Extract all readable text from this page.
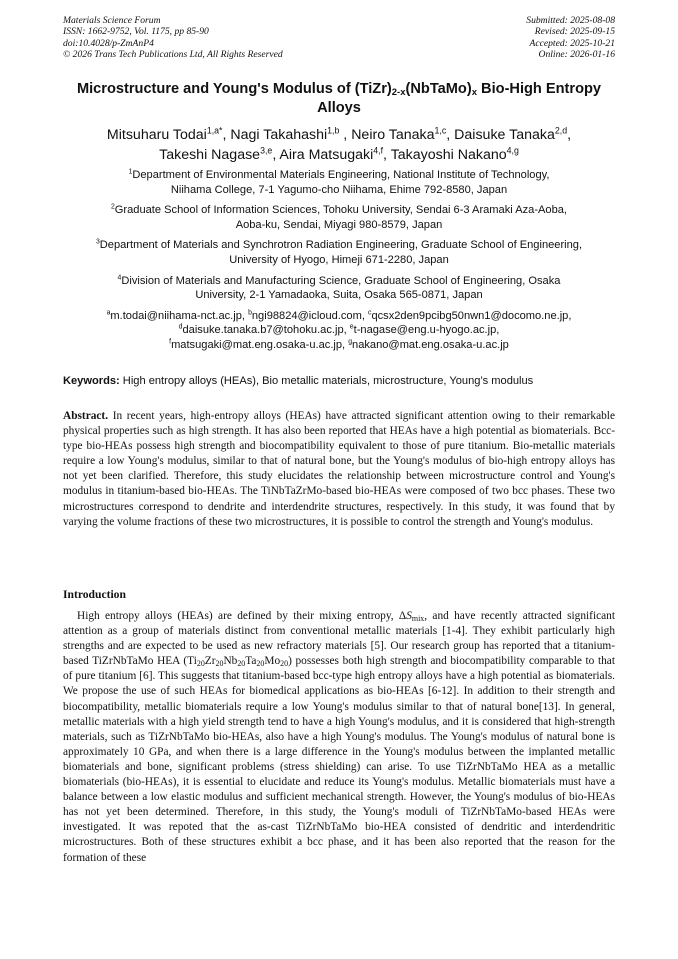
Materials Science Forum
ISSN: 1662-9752, Vol. 1175, pp 85-90
doi:10.4028/p-ZmAnP4
© 2026 Trans Tech Publications Ltd, All Rights Reserved
Submitted: 2025-08-08
Revised: 2025-09-15
Accepted: 2025-10-21
Online: 2026-01-16
Microstructure and Young's Modulus of $(TiZr)_{2-x}(NbTaMo)_x$ Bio-High Entropy Alloys
Mitsuharu Todai$^{1,a*}$, Nagi Takahashi$^{1,b}$ , Neiro Tanaka$^{1,c}$, Daisuke Tanaka$^{2,d}$,
Takeshi Nagase$^{3,e}$, Aira Matsugaki$^{4,f}$, Takayoshi Nakano$^{4,g}$
$^1$Department of Environmental Materials Engineering, National Institute of Technology,
Niihama College, 7-1 Yagumo-cho Niihama, Ehime 792-8580, Japan
$^2$Graduate School of Information Sciences, Tohoku University, Sendai 6-3 Aramaki Aza-Aoba,
Aoba-ku, Sendai, Miyagi 980-8579, Japan
$^3$Department of Materials and Synchrotron Radiation Engineering, Graduate School of Engineering,
University of Hyogo, Himeji 671-2280, Japan
$^4$Division of Materials and Manufacturing Science, Graduate School of Engineering, Osaka
University, 2-1 Yamadaoka, Suita, Osaka 565-0871, Japan
$^a$m.todai@niihama-nct.ac.jp, $^b$ngi98824@icloud.com, $^c$qcsx2den9pcibg50nwn1@docomo.ne.jp,
$^d$daisuke.tanaka.b7@tohoku.ac.jp, $^e$t-nagase@eng.u-hyogo.ac.jp,
$^f$matsugaki@mat.eng.osaka-u.ac.jp, $^g$nakano@mat.eng.osaka-u.ac.jp
Keywords: High entropy alloys (HEAs), Bio metallic materials, microstructure, Young’s modulus
Abstract. In recent years, high-entropy alloys (HEAs) have attracted significant attention owing to their remarkable physical properties such as high strength. It has also been reported that HEAs have a high potential as biomaterials. Bcc-type bio-HEAs possess high strength and biocompatibility equivalent to those of pure titanium. Bio-metallic materials require a low Young's modulus, similar to that of natural bone, but the Young's modulus of bio-high entropy alloys has not yet been clarified. Therefore, this study elucidates the relationship between microstructure control and Young's modulus in titanium-based bio-HEAs. The TiNbTaZrMo-based bio-HEAs were composed of two bcc phases. These two microstructures correspond to dendrite and interdendrite structures, respectively. In this study, it was found that by varying the volume fractions of these two microstructures, it is possible to control the strength and Young's modulus.
Introduction
High entropy alloys (HEAs) are defined by their mixing entropy, $\Delta S_{mix}$, and have recently attracted significant attention as a group of materials distinct from conventional metallic materials [1-4]. They exhibit particularly high strengths and are expected to be used as new refractory materials [5]. Our research group has reported that a titanium-based TiZrNbTaMo HEA $(Ti_{20}Zr_{20}Nb_{20}Ta_{20}Mo_{20})$ possesses both high strength and biocompatibility comparable to that of pure titanium [6]. This suggests that titanium-based bcc-type high entropy alloys have a high potential as biomaterials. We propose the use of such HEAs for biomedical applications as bio-HEAs [6-12]. In addition to their strength and biocompatibility, metallic biomaterials require a low Young's modulus similar to that of natural bone[13]. In general, metallic materials with a high yield strength tend to have a high Young's modulus, and it is considered that high-strength materials, such as TiZrNbTaMo bio-HEAs, also have a high Young's modulus. The Young's modulus of natural bone is approximately 10 GPa, and when there is a large difference in the Young's modulus between the implanted metallic biomaterials and bone, significant problems (stress shielding) can arise. To use TiZrNbTaMo HEA as a metallic biomaterials (bio-HEAs), it is essential to elucidate and reduce its Young's modulus. Metallic biomaterials must have a balance between a low elastic modulus and sufficient mechanical strength. However, the Young's modulus of bio-HEAs has not yet been determined. Therefore, in this study, the Young's moduli of TiZrNbTaMo-based HEAs were investigated. It was repoted that the as-cast TiZrNbTaMo bio-HEA consisted of dendritic and interdendritic microstructures. Both of these structures exhibit a bcc phase, and it has been also reported that the reason for the formation of these
